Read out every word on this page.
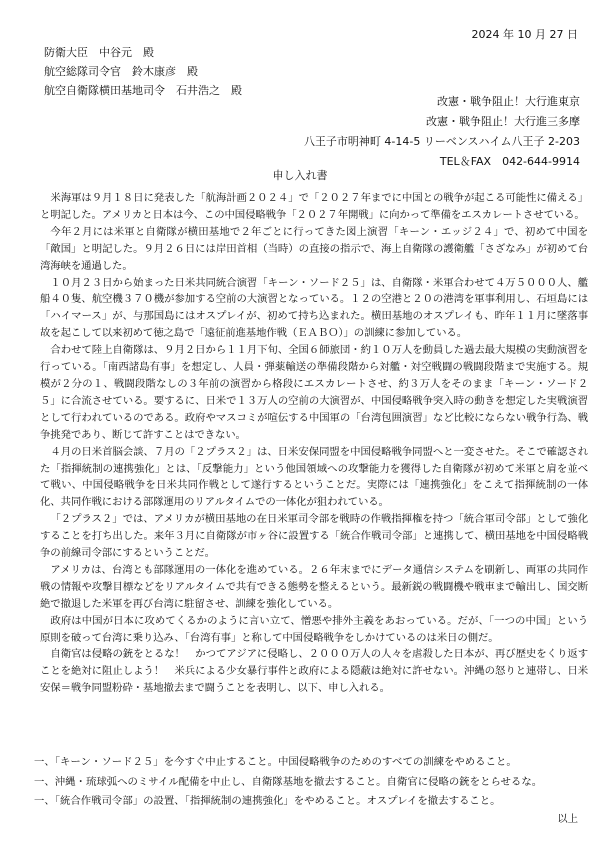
2024 年 10 月 27 日
防衛大臣　中谷元　殿
航空総隊司令官　鈴木康彦　殿
航空自衛隊横田基地司令　石井浩之　殿
改憲・戦争阻止！大行進東京
改憲・戦争阻止！大行進三多摩
八王子市明神町 4-14-5 リーベンスハイム八王子 2-203
TEL＆FAX　042-644-9914
申し入れ書

米海軍は９月１８日に発表した「航海計画２０２４」で「２０２７年までに中国との戦争が起こる可能性に備える」と明記した。アメリカと日本は今、この中国侵略戦争「２０２７年開戦」に向かって準備をエスカレートさせている。

今年２月には米軍と自衛隊が横田基地で２年ごとに行ってきた図上演習「キーン・エッジ２４」で、初めて中国を「敵国」と明記した。９月２６日には岸田首相（当時）の直接の指示で、海上自衛隊の護衛艦「さざなみ」が初めて台湾海峡を通過した。

１０月２３日から始まった日米共同統合演習「キーン・ソード２５」は、自衛隊・米軍合わせて４万５０００人、艦船４０隻、航空機３７０機が参加する空前の大演習となっている。１２の空港と２０の港湾を軍事利用し、石垣島には「ハイマース」が、与那国島にはオスプレイが、初めて持ち込まれた。横田基地のオスプレイも、昨年１１月に墜落事故を起こして以来初めて徳之島で「遠征前進基地作戦（ＥＡＢＯ）」の訓練に参加している。

合わせて陸上自衛隊は、９月２日から１１月下旬、全国６師旅団・約１０万人を動員した過去最大規模の実動演習を行っている。「南西諸島有事」を想定し、人員・弾薬輸送の準備段階から対艦・対空戦闘の戦闘段階まで実施する。規模が２分の１、戦闘段階なしの３年前の演習から格段にエスカレートさせ、約３万人をそのまま「キーン・ソード２５」に合流させている。要するに、日米で１３万人の空前の大演習が、中国侵略戦争突入時の動きを想定した実戦演習として行われているのである。政府やマスコミが喧伝する中国軍の「台湾包囲演習」など比較にならない戦争行為、戦争挑発であり、断じて許すことはできない。

４月の日米首脳会談、７月の「２プラス２」は、日米安保同盟を中国侵略戦争同盟へと一変させた。そこで確認された「指揮統制の連携強化」とは、「反撃能力」という他国領域への攻撃能力を獲得した自衛隊が初めて米軍と肩を並べて戦い、中国侵略戦争を日米共同作戦として遂行するということだ。実際には「連携強化」をこえて指揮統制の一体化、共同作戦における部隊運用のリアルタイムでの一体化が狙われている。

「２プラス２」では、アメリカが横田基地の在日米軍司令部を戦時の作戦指揮権を持つ「統合軍司令部」として強化することを打ち出した。来年３月に自衛隊が市ヶ谷に設置する「統合作戦司令部」と連携して、横田基地を中国侵略戦争の前線司令部にするということだ。

アメリカは、台湾とも部隊運用の一体化を進めている。２６年末までにデータ通信システムを刷新し、両軍の共同作戦の情報や攻撃目標などをリアルタイムで共有できる態勢を整えるという。最新鋭の戦闘機や戦車まで輸出し、国交断絶で撤退した米軍を再び台湾に駐留させ、訓練を強化している。

政府は中国が日本に攻めてくるかのように言い立て、憎悪や排外主義をあおっている。だが、「一つの中国」という原則を破って台湾に乗り込み、「台湾有事」と称して中国侵略戦争をしかけているのは米日の側だ。

自衛官は侵略の銃をとるな！　かつてアジアに侵略し、２０００万人の人々を虐殺した日本が、再び歴史をくり返すことを絶対に阻止しよう！　米兵による少女暴行事件と政府による隠蔽は絶対に許せない。沖縄の怒りと連帯し、日米安保＝戦争同盟粉砕・基地撤去まで闘うことを表明し、以下、申し入れる。

一、「キーン・ソード２５」を今すぐ中止すること。中国侵略戦争のためのすべての訓練をやめること。
一、沖縄・琉球弧へのミサイル配備を中止し、自衛隊基地を撤去すること。自衛官に侵略の銃をとらせるな。
一、「統合作戦司令部」の設置、「指揮統制の連携強化」をやめること。オスプレイを撤去すること。
以上
